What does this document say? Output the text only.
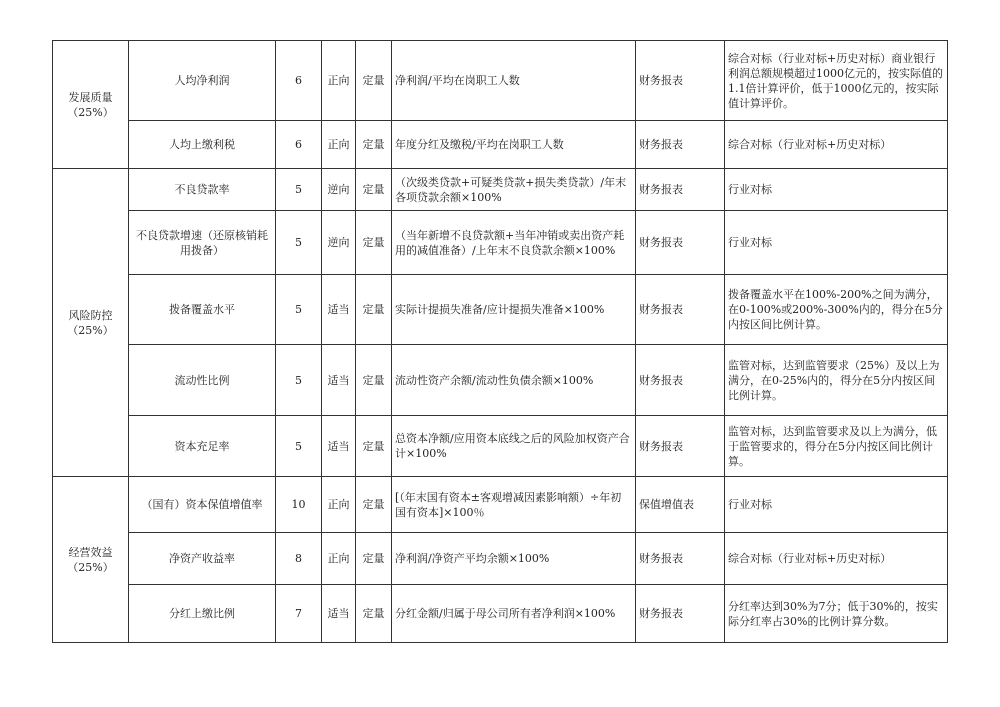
发展质量
（25%）	人均净利润	6	正向	定量	净利润/平均在岗职工人数	财务报表	综合对标（行业对标+历史对标）商业银行利润总额规模超过1000亿元的，按实际值的1.1倍计算评价，低于1000亿元的，按实际值计算评价。
	人均上缴利税	6	正向	定量	年度分红及缴税/平均在岗职工人数	财务报表	综合对标（行业对标+历史对标）

风险防控
（25%）	不良贷款率	5	逆向	定量	（次级类贷款+可疑类贷款+损失类贷款）/年末各项贷款余额×100%	财务报表	行业对标
	不良贷款增速（还原核销耗用拨备）	5	逆向	定量	（当年新增不良贷款额+当年冲销或卖出资产耗用的减值准备）/上年末不良贷款余额×100%	财务报表	行业对标
	拨备覆盖水平	5	适当	定量	实际计提损失准备/应计提损失准备×100%	财务报表	拨备覆盖水平在100%-200%之间为满分，在0-100%或200%-300%内的，得分在5分内按区间比例计算。
	流动性比例	5	适当	定量	流动性资产余额/流动性负债余额×100%	财务报表	监管对标，达到监管要求（25%）及以上为满分，在0-25%内的，得分在5分内按区间比例计算。
	资本充足率	5	适当	定量	总资本净额/应用资本底线之后的风险加权资产合计×100%	财务报表	监管对标，达到监管要求及以上为满分，低于监管要求的，得分在5分内按区间比例计算。

经营效益
（25%）	（国有）资本保值增值率	10	正向	定量	[（年末国有资本±客观增减因素影响额）÷年初国有资本]×100％	保值增值表	行业对标
	净资产收益率	8	正向	定量	净利润/净资产平均余额×100%	财务报表	综合对标（行业对标+历史对标）
	分红上缴比例	7	适当	定量	分红金额/归属于母公司所有者净利润×100%	财务报表	分红率达到30%为7分；低于30%的，按实际分红率占30%的比例计算分数。
